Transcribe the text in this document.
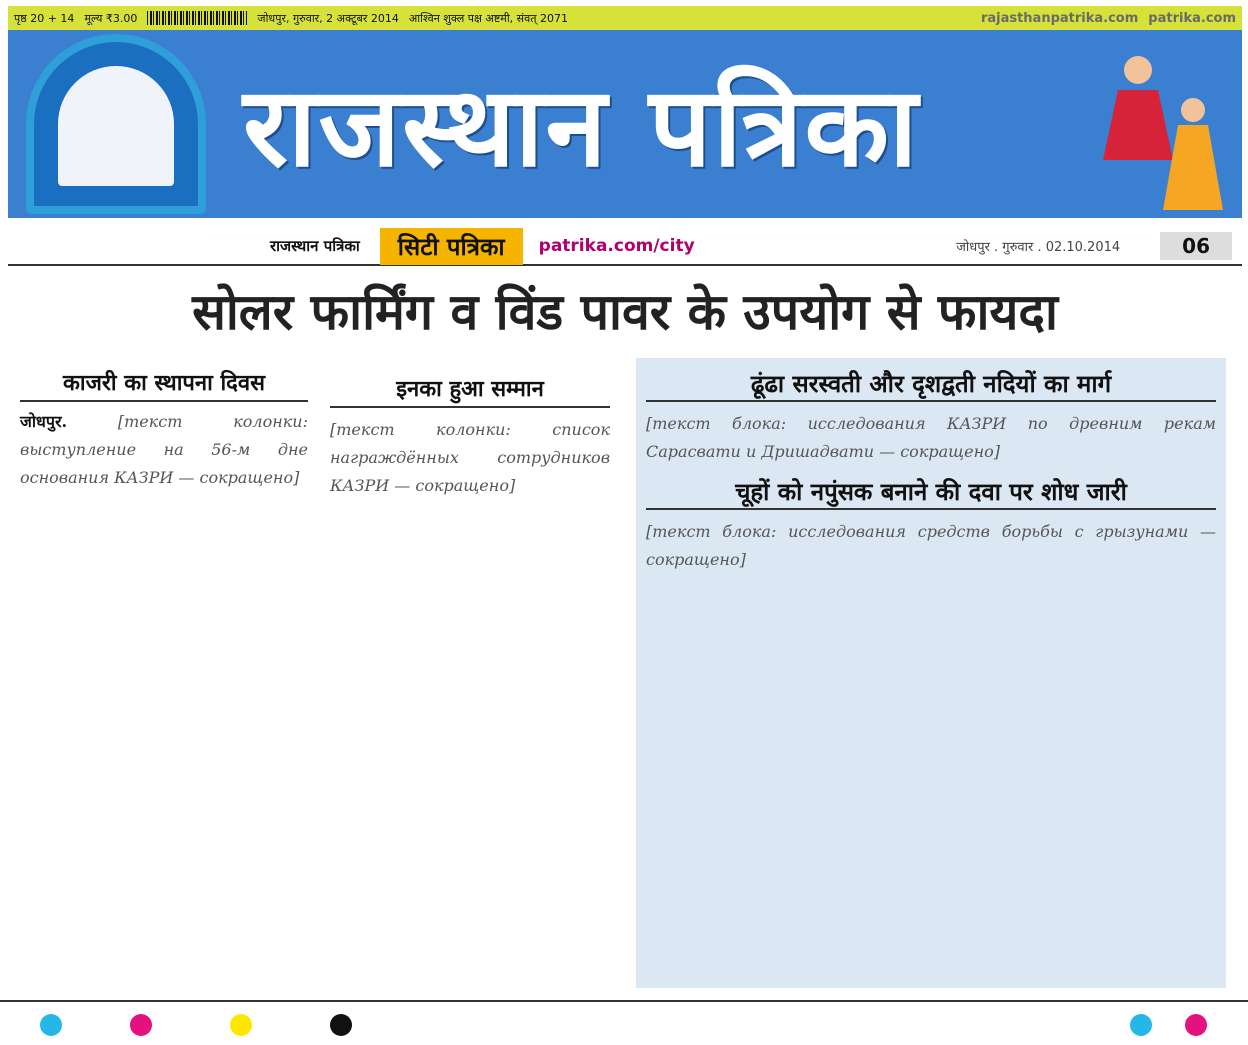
पृष्ठ 20 + 14 मूल्य ₹3.00	जोधपुर, गुरुवार, 2 अक्टूबर 2014 आश्विन शुक्ल पक्ष अष्टमी, संवत् 2071	rajasthanpatrika.com patrika.com
राजस्थान पत्रिका
राजस्थान पत्रिका	सिटी पत्रिका	patrika.com/city	जोधपुर . गुरुवार . 02.10.2014	06
सोलर फार्मिंग व विंड पावर के उपयोग से फायदा
काजरी का स्थापना दिवस

जोधपुर.	[текст колонки: выступление на 56-м дне основания КАЗРИ — сокращено]

इनका हुआ सम्मान

[текст колонки: список награждённых сотрудников КАЗРИ — сокращено]

ढूंढा सरस्वती और दृशद्वती नदियों का मार्ग

[текст блока: исследования КАЗРИ по древним рекам Сарасвати и Дришадвати — сокращено]

चूहों को नपुंसक बनाने की दवा पर शोध जारी

[текст блока: исследования средств борьбы с грызунами — сокращено]
